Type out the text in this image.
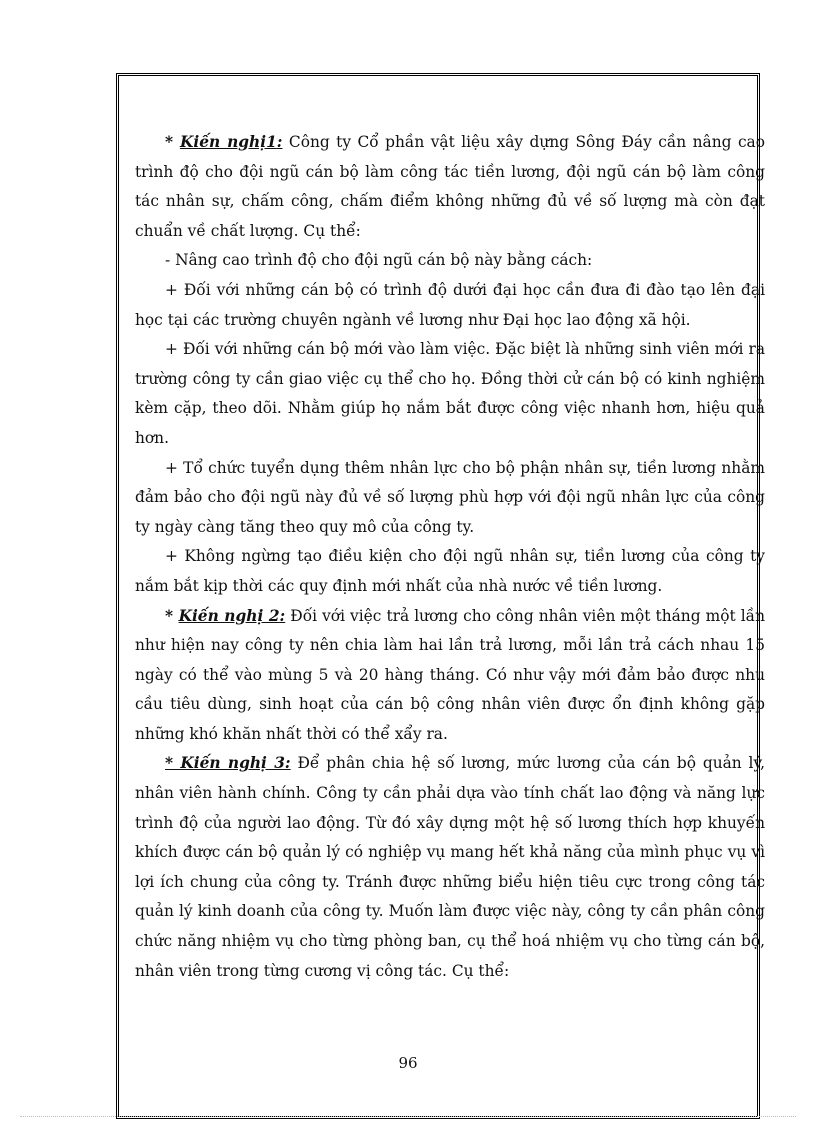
* Kiến nghị1: Công ty Cổ phần vật liệu xây dựng Sông Đáy cần nâng cao trình độ cho đội ngũ cán bộ làm công tác tiền lương, đội ngũ cán bộ làm công tác nhân sự, chấm công, chấm điểm không những đủ về số lượng mà còn đạt chuẩn về chất lượng. Cụ thể:

- Nâng cao trình độ cho đội ngũ cán bộ này bằng cách:

+ Đối với những cán bộ có trình độ dưới đại học cần đưa đi đào tạo lên đại học tại các trường chuyên ngành về lương như Đại học lao động xã hội.

+ Đối với những cán bộ mới vào làm việc. Đặc biệt là những sinh viên mới ra trường công ty cần giao việc cụ thể cho họ. Đồng thời cử cán bộ có kinh nghiệm kèm cặp, theo dõi. Nhằm giúp họ nắm bắt được công việc nhanh hơn, hiệu quả hơn.

+ Tổ chức tuyển dụng thêm nhân lực cho bộ phận nhân sự, tiền lương nhằm đảm bảo cho đội ngũ này đủ về số lượng phù hợp với đội ngũ nhân lực của công ty ngày càng tăng theo quy mô của công ty.

+ Không ngừng tạo điều kiện cho đội ngũ nhân sự, tiền lương của công ty nắm bắt kịp thời các quy định mới nhất của nhà nước về tiền lương.

* Kiến nghị 2: Đối với việc trả lương cho công nhân viên một tháng một lần như hiện nay công ty nên chia làm hai lần trả lương, mỗi lần trả cách nhau 15 ngày có thể vào mùng 5 và 20 hàng tháng. Có như vậy mới đảm bảo được nhu cầu tiêu dùng, sinh hoạt của cán bộ công nhân viên được ổn định không gặp những khó khăn nhất thời có thể xẩy ra.

* Kiến nghị 3: Để phân chia hệ số lương, mức lương của cán bộ quản lý, nhân viên hành chính. Công ty cần phải dựa vào tính chất lao động và năng lực trình độ của người lao động. Từ đó xây dựng một hệ số lương thích hợp khuyến khích được cán bộ quản lý có nghiệp vụ mang hết khả năng của mình phục vụ vì lợi ích chung của công ty. Tránh được những biểu hiện tiêu cực trong công tác quản lý kinh doanh của công ty. Muốn làm được việc này, công ty cần phân công chức năng nhiệm vụ cho từng phòng ban, cụ thể hoá nhiệm vụ cho từng cán bộ, nhân viên trong từng cương vị công tác. Cụ thể:

96
